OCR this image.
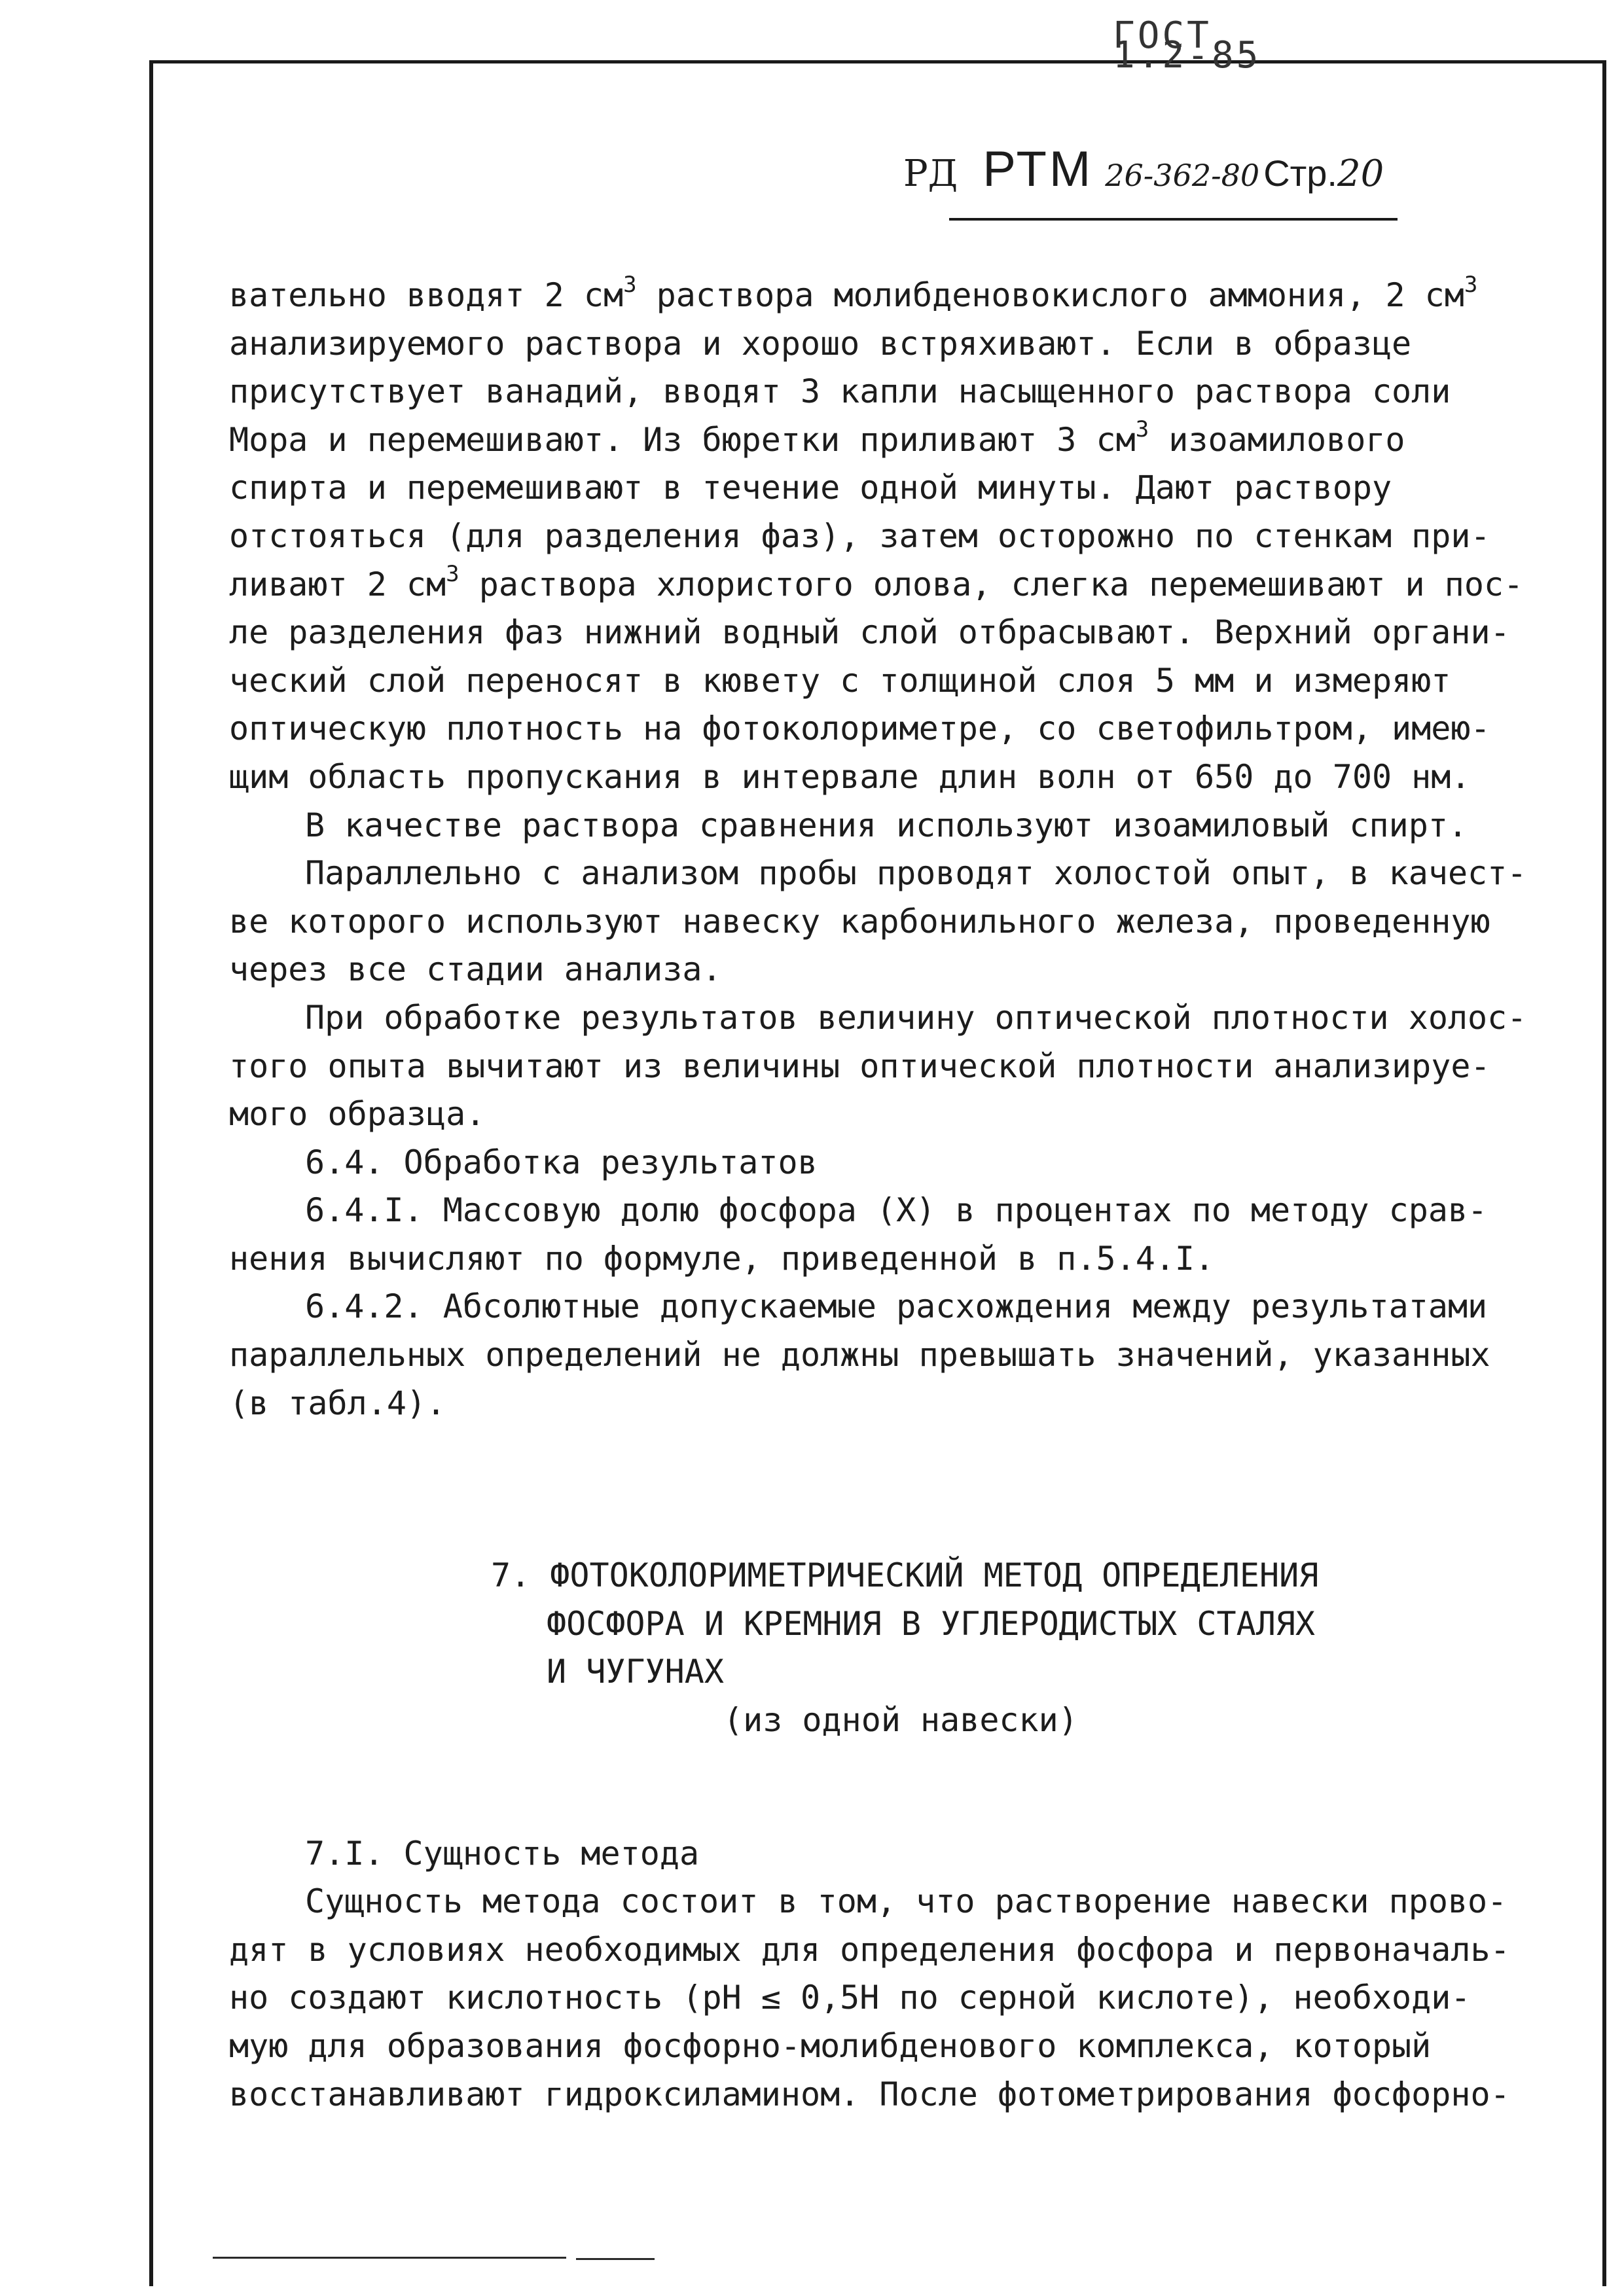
ГОСТ 1.2-85
РД РТМ 26-362-80 Стр.20
вательно вводят 2 $см^3$ раствора молибденовокислого аммония, 2 $см^3$
анализируемого раствора и хорошо встряхивают. Если в образце
присутствует ванадий, вводят 3 капли насыщенного раствора соли
Мора и перемешивают. Из бюретки приливают 3 $см^3$ изоамилового
спирта и перемешивают в течение одной минуты. Дают раствору
отстояться (для разделения фаз), затем осторожно по стенкам при-
ливают 2 $см^3$ раствора хлористого олова, слегка перемешивают и пос-
ле разделения фаз нижний водный слой отбрасывают. Верхний органи-
ческий слой переносят в кювету с толщиной слоя 5 мм и измеряют
оптическую плотность на фотоколориметре, со светофильтром, имею-
щим область пропускания в интервале длин волн от 650 до 700 нм.
В качестве раствора сравнения используют изоамиловый спирт.
Параллельно с анализом пробы проводят холостой опыт, в качест-
ве которого используют навеску карбонильного железа, проведенную
через все стадии анализа.
При обработке результатов величину оптической плотности холос-
того опыта вычитают из величины оптической плотности анализируе-
мого образца.
6.4. Обработка результатов
6.4.I. Массовую долю фосфора (X) в процентах по методу срав-
нения вычисляют по формуле, приведенной в п.5.4.I.
6.4.2. Абсолютные допускаемые расхождения между результатами
параллельных определений не должны превышать значений, указанных
(в табл.4).
7. ФОТОКОЛОРИМЕТРИЧЕСКИЙ МЕТОД ОПРЕДЕЛЕНИЯ
ФОСФОРА И КРЕМНИЯ В УГЛЕРОДИСТЫХ СТАЛЯХ
И ЧУГУНАХ
(из одной навески)
7.I. Сущность метода
Сущность метода состоит в том, что растворение навески прово-
дят в условиях необходимых для определения фосфора и первоначаль-
но создают кислотность (pH ≤ 0,5Н по серной кислоте), необходи-
мую для образования фосфорно-молибденового комплекса, который
восстанавливают гидроксиламином. После фотометрирования фосфорно-
